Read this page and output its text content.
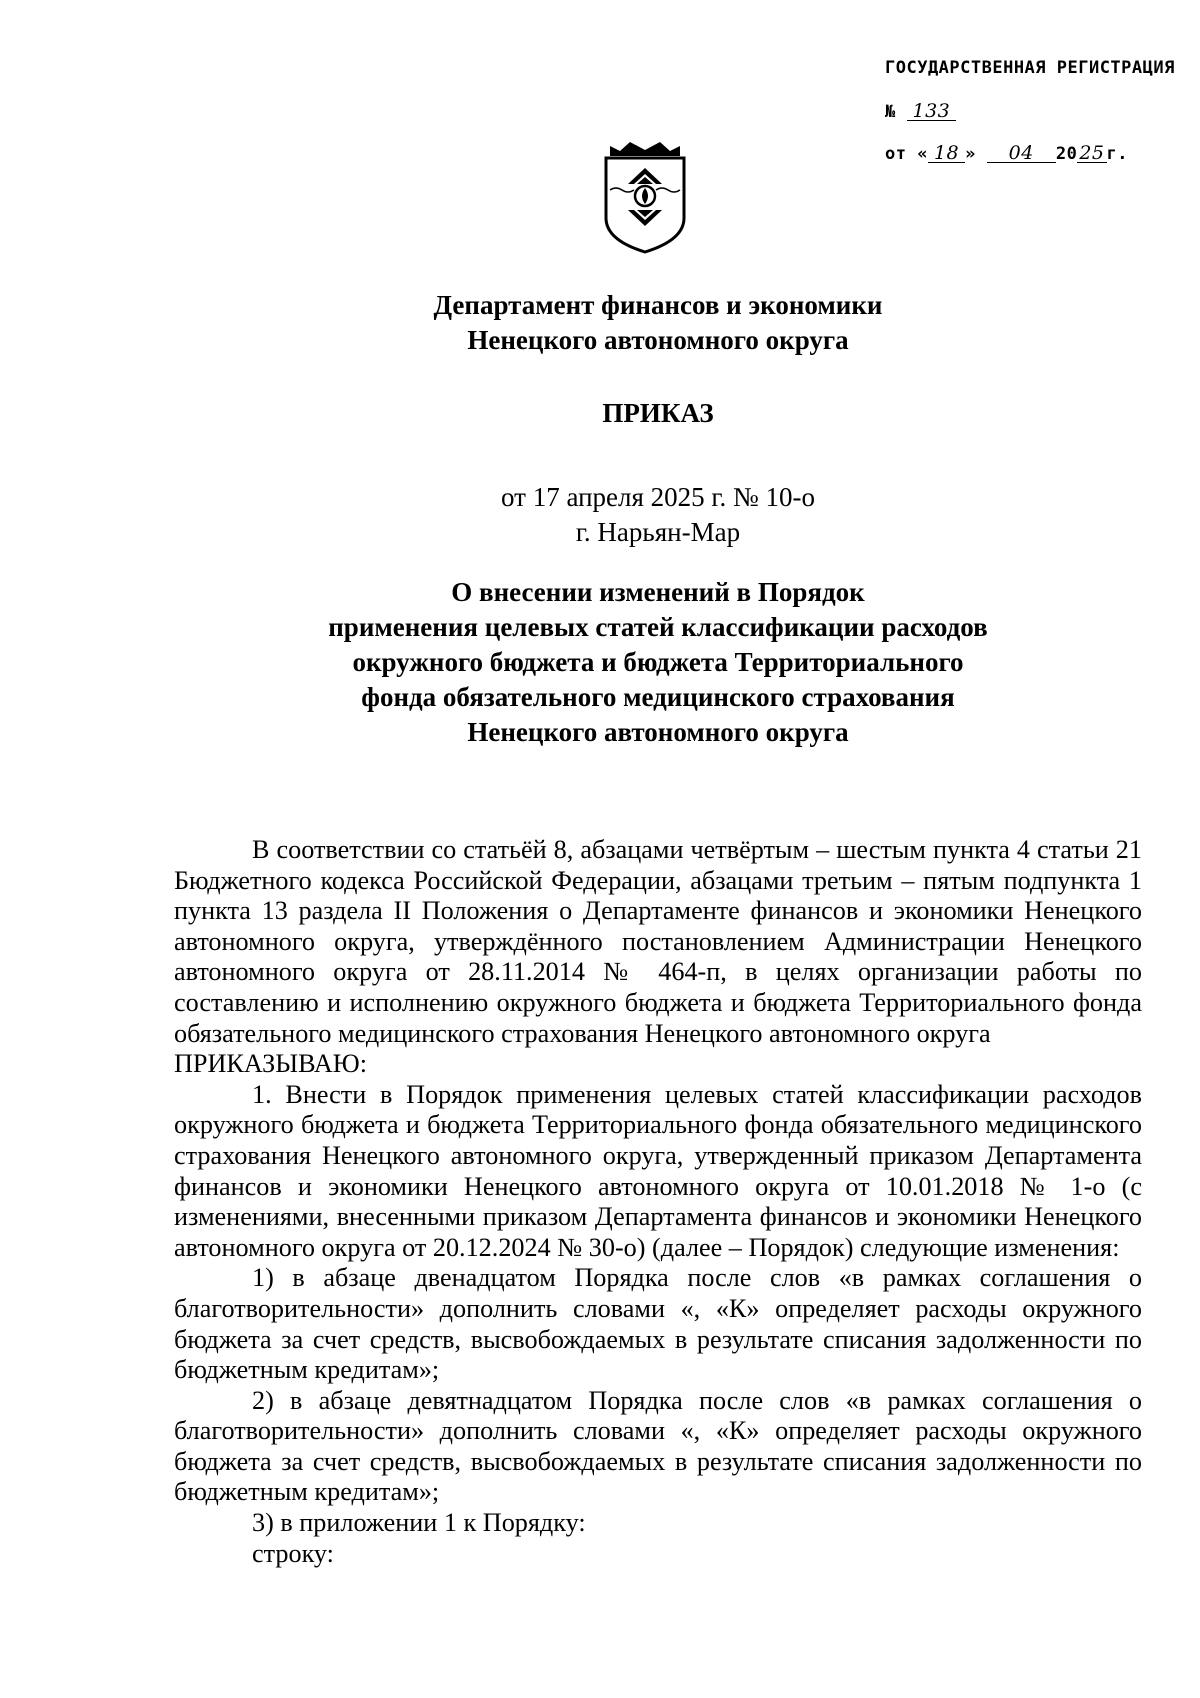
ГОСУДАРСТВЕННАЯ РЕГИСТРАЦИЯ
№ 133
от « 18 » 04 20 25 г.
Департамент финансов и экономики
Ненецкого автономного округа
ПРИКАЗ
от 17 апреля 2025 г. № 10-о
г. Нарьян-Мар
О внесении изменений в Порядок
применения целевых статей классификации расходов
окружного бюджета и бюджета Территориального
фонда обязательного медицинского страхования
Ненецкого автономного округа

В соответствии со статьёй 8, абзацами четвёртым – шестым пункта 4 статьи 21 Бюджетного кодекса Российской Федерации, абзацами третьим – пятым подпункта 1 пункта 13 раздела II Положения о Департаменте финансов и экономики Ненецкого автономного округа, утверждённого постановлением Администрации Ненецкого автономного округа от 28.11.2014 № 464-п, в целях организации работы по составлению и исполнению окружного бюджета и бюджета Территориального фонда обязательного медицинского страхования Ненецкого автономного округа

ПРИКАЗЫВАЮ:

1. Внести в Порядок применения целевых статей классификации расходов окружного бюджета и бюджета Территориального фонда обязательного медицинского страхования Ненецкого автономного округа, утвержденный приказом Департамента финансов и экономики Ненецкого автономного округа от 10.01.2018 № 1-о (с изменениями, внесенными приказом Департамента финансов и экономики Ненецкого автономного округа от 20.12.2024 № 30-о) (далее – Порядок) следующие изменения:

1) в абзаце двенадцатом Порядка после слов «в рамках соглашения о благотворительности» дополнить словами «, «К» определяет расходы окружного бюджета за счет средств, высвобождаемых в результате списания задолженности по бюджетным кредитам»;

2) в абзаце девятнадцатом Порядка после слов «в рамках соглашения о благотворительности» дополнить словами «, «К» определяет расходы окружного бюджета за счет средств, высвобождаемых в результате списания задолженности по бюджетным кредитам»;

3) в приложении 1 к Порядку:

строку:
